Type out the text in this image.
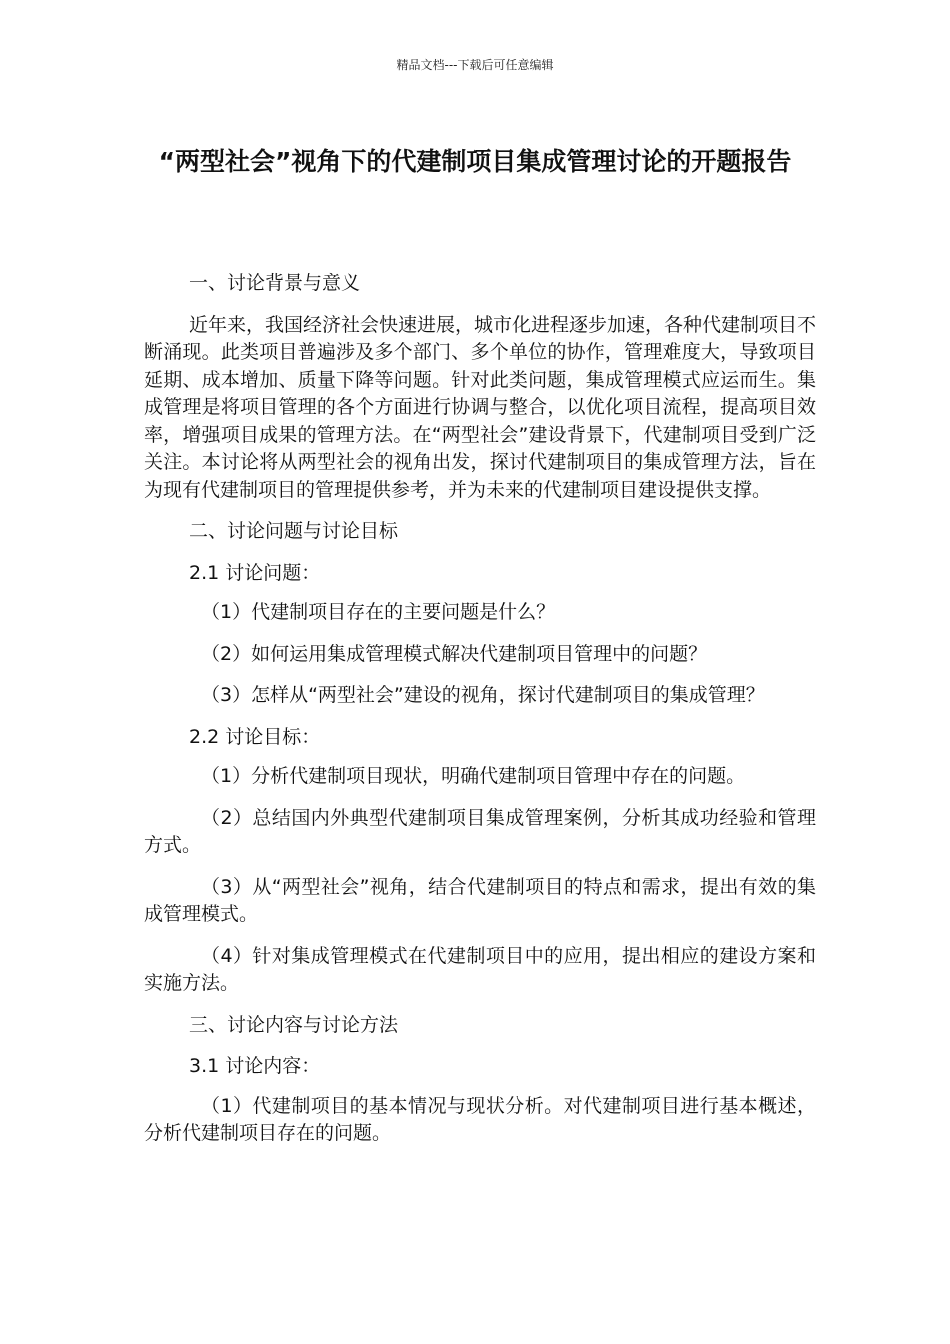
精品文档---下载后可任意编辑
“两型社会”视角下的代建制项目集成管理讨论的开题报告

一、讨论背景与意义

近年来，我国经济社会快速进展，城市化进程逐步加速，各种代建制项目不断涌现。此类项目普遍涉及多个部门、多个单位的协作，管理难度大，导致项目延期、成本增加、质量下降等问题。针对此类问题，集成管理模式应运而生。集成管理是将项目管理的各个方面进行协调与整合，以优化项目流程，提高项目效率，增强项目成果的管理方法。在“两型社会”建设背景下，代建制项目受到广泛关注。本讨论将从两型社会的视角出发，探讨代建制项目的集成管理方法，旨在为现有代建制项目的管理提供参考，并为未来的代建制项目建设提供支撑。

二、讨论问题与讨论目标

2.1 讨论问题：

（1）代建制项目存在的主要问题是什么？

（2）如何运用集成管理模式解决代建制项目管理中的问题？

（3）怎样从“两型社会”建设的视角，探讨代建制项目的集成管理？

2.2 讨论目标：

（1）分析代建制项目现状，明确代建制项目管理中存在的问题。

（2）总结国内外典型代建制项目集成管理案例，分析其成功经验和管理方式。

（3）从“两型社会”视角，结合代建制项目的特点和需求，提出有效的集成管理模式。

（4）针对集成管理模式在代建制项目中的应用，提出相应的建设方案和实施方法。

三、讨论内容与讨论方法

3.1 讨论内容：

（1）代建制项目的基本情况与现状分析。对代建制项目进行基本概述，分析代建制项目存在的问题。
